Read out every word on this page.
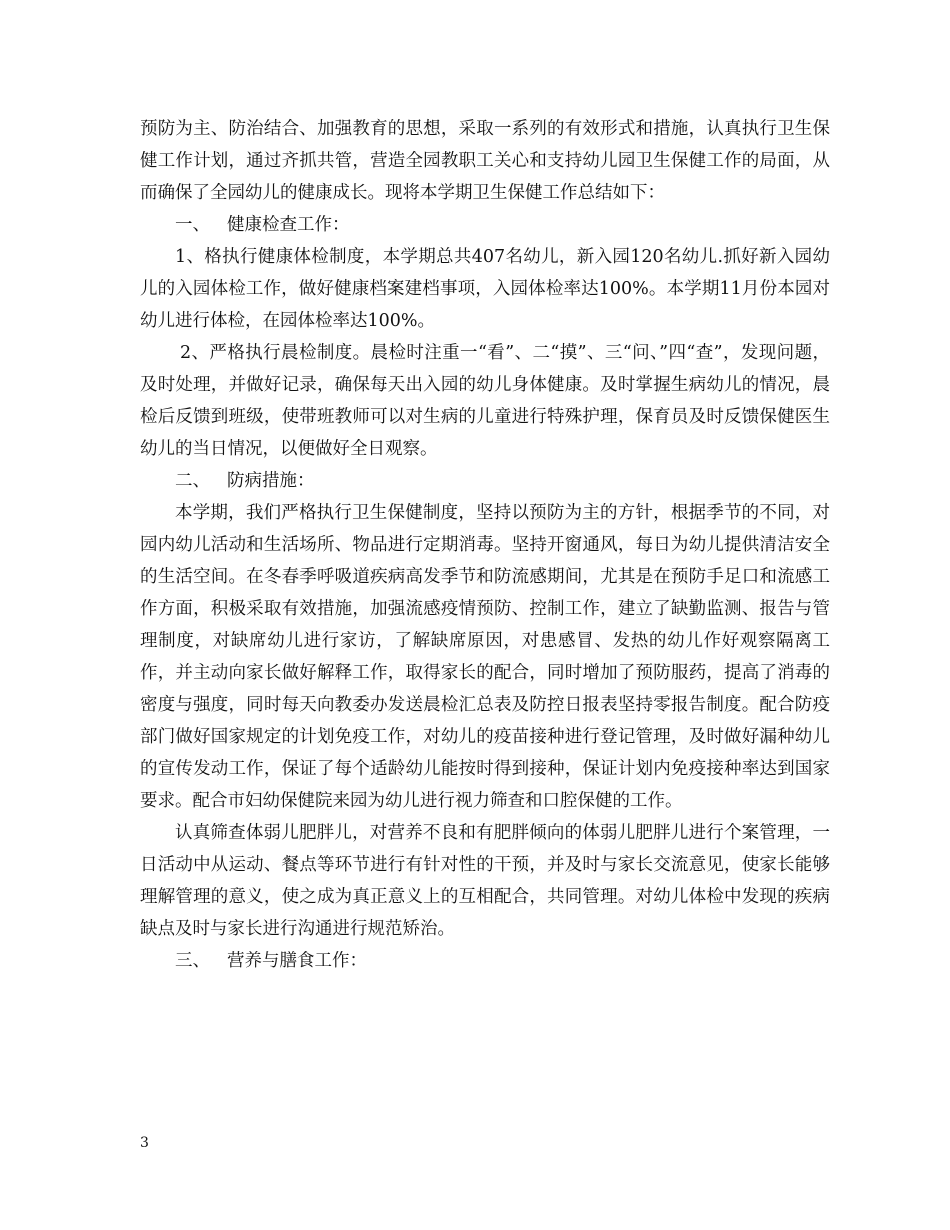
预防为主、防治结合、加强教育的思想，采取一系列的有效形式和措施，认真执行卫生保健工作计划，通过齐抓共管，营造全园教职工关心和支持幼儿园卫生保健工作的局面，从而确保了全园幼儿的健康成长。现将本学期卫生保健工作总结如下：

一、 健康检查工作：

1、格执行健康体检制度，本学期总共407名幼儿，新入园120名幼儿.抓好新入园幼儿的入园体检工作，做好健康档案建档事项，入园体检率达100%。本学期11月份本园对幼儿进行体检，在园体检率达100%。

2、严格执行晨检制度。晨检时注重一“看”、二“摸”、三“问、”四“查”，发现问题，及时处理，并做好记录，确保每天出入园的幼儿身体健康。及时掌握生病幼儿的情况，晨检后反馈到班级，使带班教师可以对生病的儿童进行特殊护理，保育员及时反馈保健医生幼儿的当日情况，以便做好全日观察。

二、 防病措施：

本学期，我们严格执行卫生保健制度，坚持以预防为主的方针，根据季节的不同，对园内幼儿活动和生活场所、物品进行定期消毒。坚持开窗通风，每日为幼儿提供清洁安全的生活空间。在冬春季呼吸道疾病高发季节和防流感期间，尤其是在预防手足口和流感工作方面，积极采取有效措施，加强流感疫情预防、控制工作，建立了缺勤监测、报告与管理制度，对缺席幼儿进行家访，了解缺席原因，对患感冒、发热的幼儿作好观察隔离工作，并主动向家长做好解释工作，取得家长的配合，同时增加了预防服药，提高了消毒的密度与强度，同时每天向教委办发送晨检汇总表及防控日报表坚持零报告制度。配合防疫部门做好国家规定的计划免疫工作，对幼儿的疫苗接种进行登记管理，及时做好漏种幼儿的宣传发动工作，保证了每个适龄幼儿能按时得到接种，保证计划内免疫接种率达到国家要求。配合市妇幼保健院来园为幼儿进行视力筛查和口腔保健的工作。

认真筛查体弱儿肥胖儿，对营养不良和有肥胖倾向的体弱儿肥胖儿进行个案管理，一日活动中从运动、餐点等环节进行有针对性的干预，并及时与家长交流意见，使家长能够理解管理的意义，使之成为真正意义上的互相配合，共同管理。对幼儿体检中发现的疾病缺点及时与家长进行沟通进行规范矫治。

三、 营养与膳食工作：

3
